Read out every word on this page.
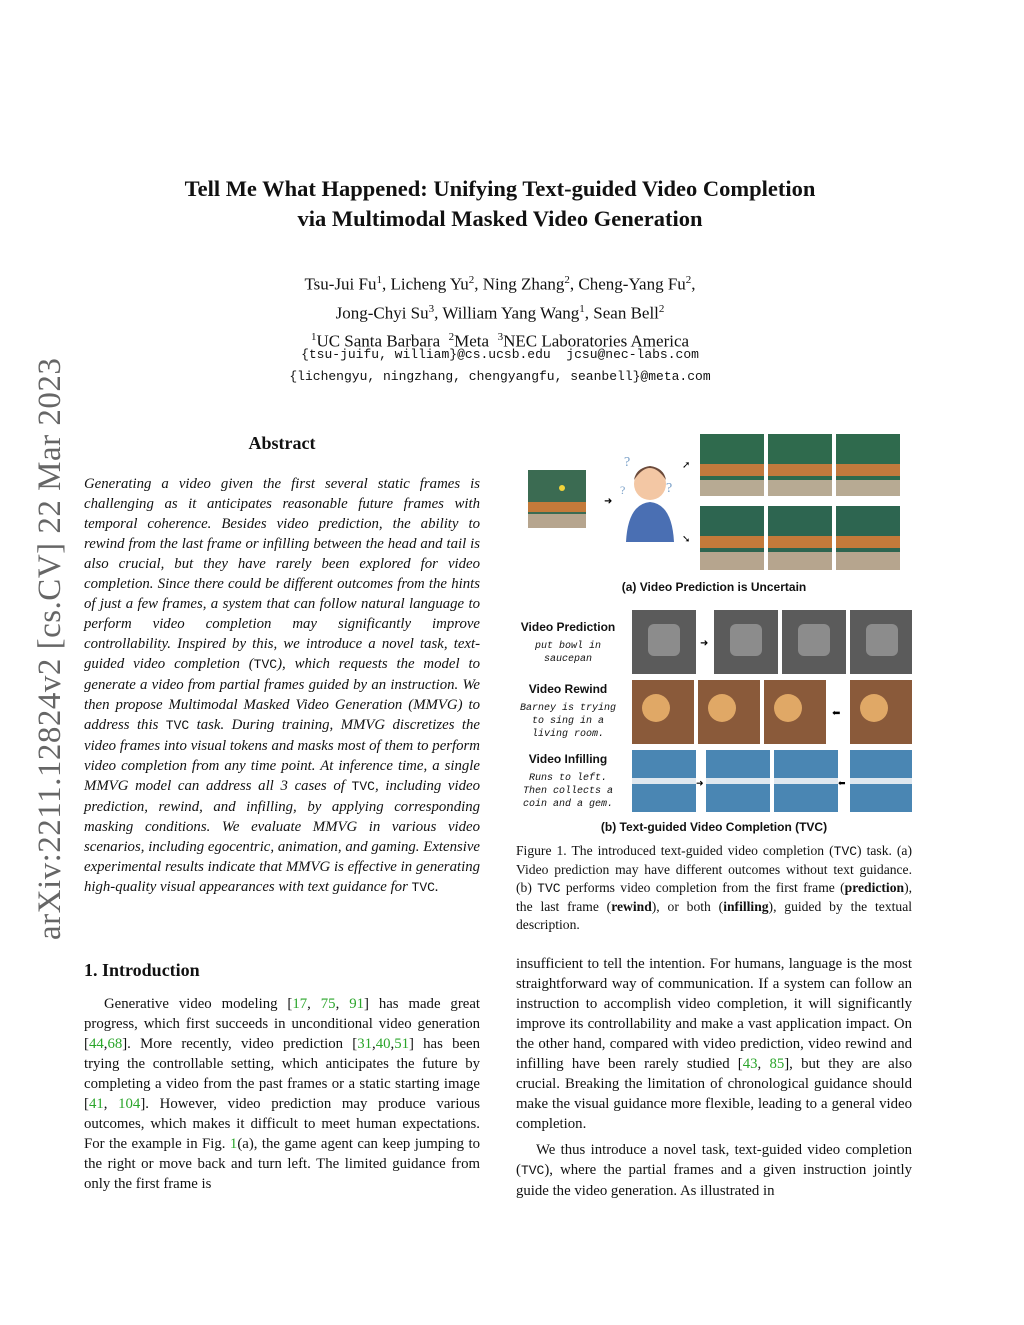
arXiv:2211.12824v2 [cs.CV] 22 Mar 2023
Tell Me What Happened: Unifying Text-guided Video Completion
via Multimodal Masked Video Generation
Tsu-Jui Fu$^1$, Licheng Yu$^2$, Ning Zhang$^2$, Cheng-Yang Fu$^2$,
Jong-Chyi Su$^3$, William Yang Wang$^1$, Sean Bell$^2$
$^1$UC Santa Barbara $^2$Meta $^3$NEC Laboratories America
{tsu-juifu, william}@cs.ucsb.edu  jcsu@nec-labs.com
{lichengyu, ningzhang, chengyangfu, seanbell}@meta.com
Abstract
Generating a video given the first several static frames is challenging as it anticipates reasonable future frames with temporal coherence. Besides video prediction, the ability to rewind from the last frame or infilling between the head and tail is also crucial, but they have rarely been explored for video completion. Since there could be different outcomes from the hints of just a few frames, a system that can follow natural language to perform video completion may significantly improve controllability. Inspired by this, we introduce a novel task, text-guided video completion (TVC), which requests the model to generate a video from partial frames guided by an instruction. We then propose Multimodal Masked Video Generation (MMVG) to address this TVC task. During training, MMVG discretizes the video frames into visual tokens and masks most of them to perform video completion from any time point. At inference time, a single MMVG model can address all 3 cases of TVC, including video prediction, rewind, and infilling, by applying corresponding masking conditions. We evaluate MMVG in various video scenarios, including egocentric, animation, and gaming. Extensive experimental results indicate that MMVG is effective in generating high-quality visual appearances with text guidance for TVC.
1. Introduction

Generative video modeling [17, 75, 91] has made great progress, which first succeeds in unconditional video generation [44,68]. More recently, video prediction [31,40,51] has been trying the controllable setting, which anticipates the future by completing a video from the past frames or a static starting image [41, 104]. However, video prediction may produce various outcomes, which makes it difficult to meet human expectations. For the example in Fig. 1(a), the game agent can keep jumping to the right or move back and turn left. The limited guidance from only the first frame is

➜
?
?
?
➚
➘
➜
⬅
➜	⬅
(a) Video Prediction is Uncertain
Video Prediction
put bowl in saucepan
Video Rewind
Barney is trying to sing in a living room.
Video Infilling
Runs to left. Then collects a coin and a gem.
(b) Text-guided Video Completion (TVC)
Figure 1. The introduced text-guided video completion (TVC) task. (a) Video prediction may have different outcomes without text guidance. (b) TVC performs video completion from the first frame (prediction), the last frame (rewind), or both (infilling), guided by the textual description.

insufficient to tell the intention. For humans, language is the most straightforward way of communication. If a system can follow an instruction to accomplish video completion, it will significantly improve its controllability and make a vast application impact. On the other hand, compared with video prediction, video rewind and infilling have been rarely studied [43, 85], but they are also crucial. Breaking the limitation of chronological guidance should make the visual guidance more flexible, leading to a general video completion.

We thus introduce a novel task, text-guided video completion (TVC), where the partial frames and a given instruction jointly guide the video generation. As illustrated in
